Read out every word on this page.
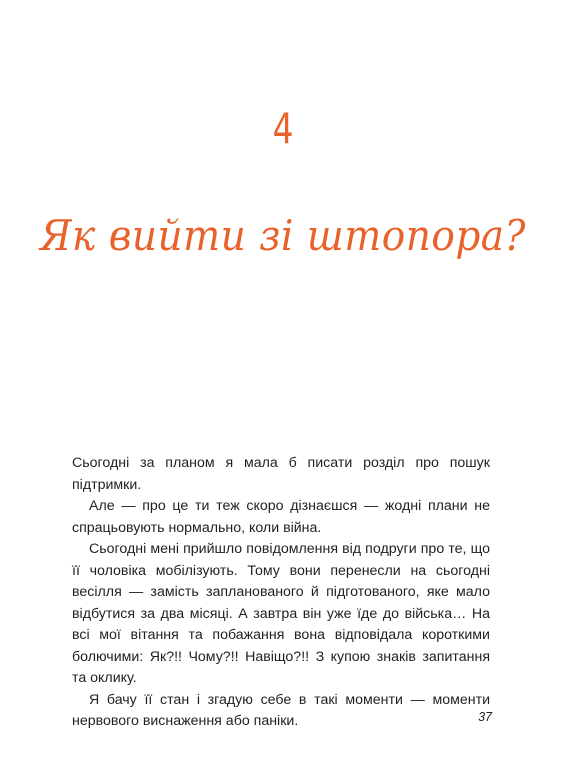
4
Як вийти зі штопора?

Сьогодні за планом я мала б писати розділ про пошук підтримки.

Але — про це ти теж скоро дізнаєшся — жодні плани не спрацьовують нормально, коли війна.

Сьогодні мені прийшло повідомлення від подруги про те, що її чоловіка мобілізують. Тому вони перенесли на сьогодні весілля — замість запланованого й підготованого, яке мало відбутися за два місяці. А завтра він уже їде до війська… На всі мої вітання та побажання вона відповідала короткими болючими: Як?!! Чому?!! Навіщо?!! З купою знаків запитання та оклику.

Я бачу її стан і згадую себе в такі моменти — моменти нервового виснаження або паніки.	37
